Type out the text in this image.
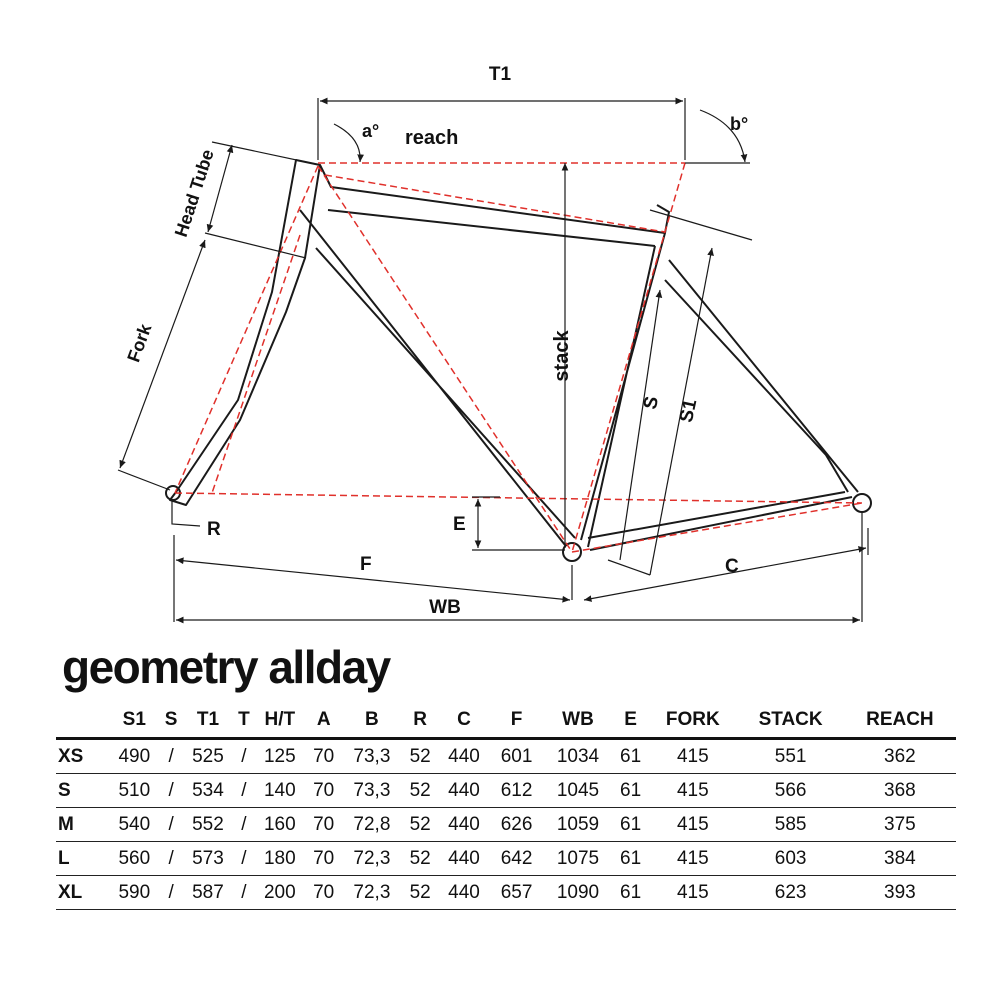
T1
a° reach
b°
Head Tube
Fork	stack
S S1
R	E
F	C
WB
geometry allday
	S1	S	T1	T	H/T	A	B	R	C	F	WB	E	FORK	STACK	REACH
XS	490	/	525	/	125	70	73,3	52	440	601	1034	61	415	551	362
S	510	/	534	/	140	70	73,3	52	440	612	1045	61	415	566	368
M	540	/	552	/	160	70	72,8	52	440	626	1059	61	415	585	375
L	560	/	573	/	180	70	72,3	52	440	642	1075	61	415	603	384
XL	590	/	587	/	200	70	72,3	52	440	657	1090	61	415	623	393
